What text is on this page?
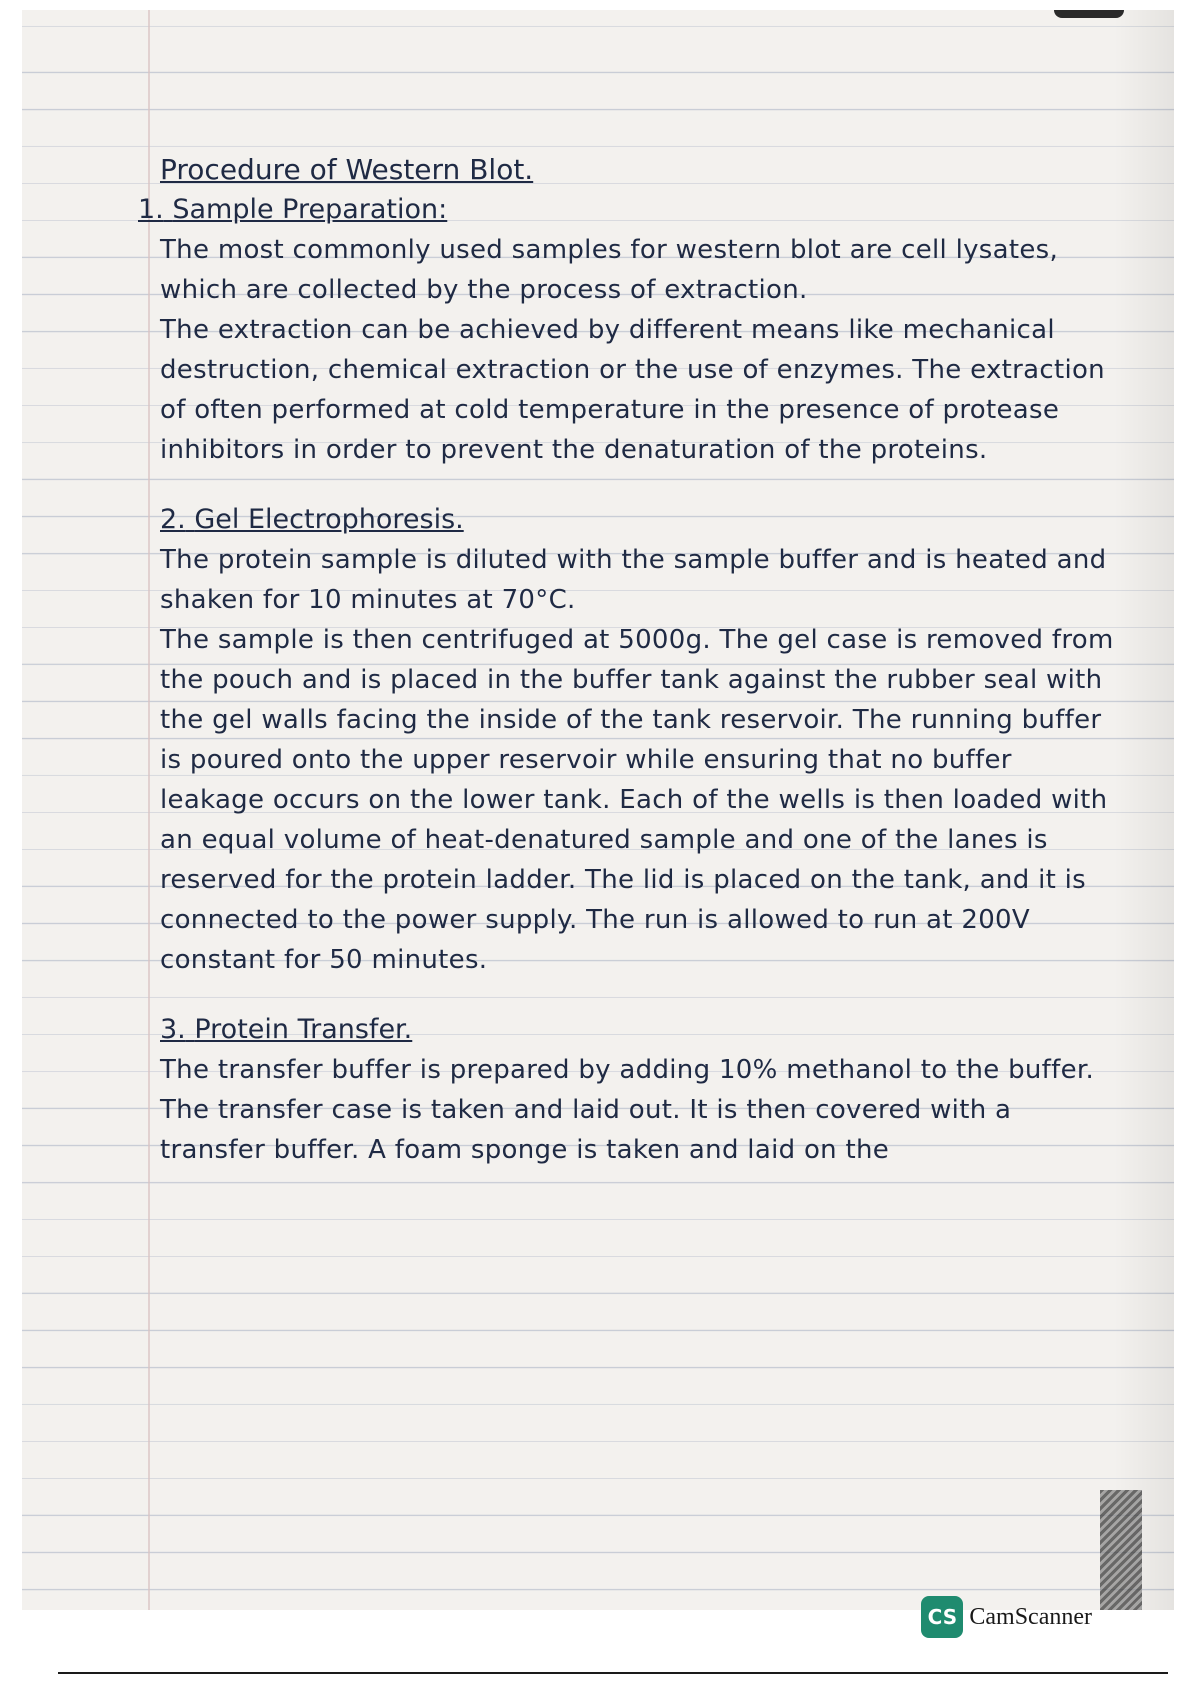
Procedure of Western Blot.
1. Sample Preparation:

The most commonly used samples for western blot are cell lysates, which are collected by the process of extraction.

The extraction can be achieved by different means like mechanical destruction, chemical extraction or the use of enzymes. The extraction of often performed at cold temperature in the presence of protease inhibitors in order to prevent the denaturation of the proteins.

2. Gel Electrophoresis.

The protein sample is diluted with the sample buffer and is heated and shaken for 10 minutes at 70°C.

The sample is then centrifuged at 5000g. The gel case is removed from the pouch and is placed in the buffer tank against the rubber seal with the gel walls facing the inside of the tank reservoir. The running buffer is poured onto the upper reservoir while ensuring that no buffer leakage occurs on the lower tank. Each of the wells is then loaded with an equal volume of heat-denatured sample and one of the lanes is reserved for the protein ladder. The lid is placed on the tank, and it is connected to the power supply. The run is allowed to run at 200V constant for 50 minutes.

3. Protein Transfer.

The transfer buffer is prepared by adding 10% methanol to the buffer. The transfer case is taken and laid out. It is then covered with a transfer buffer. A foam sponge is taken and laid on the

CS CamScanner
